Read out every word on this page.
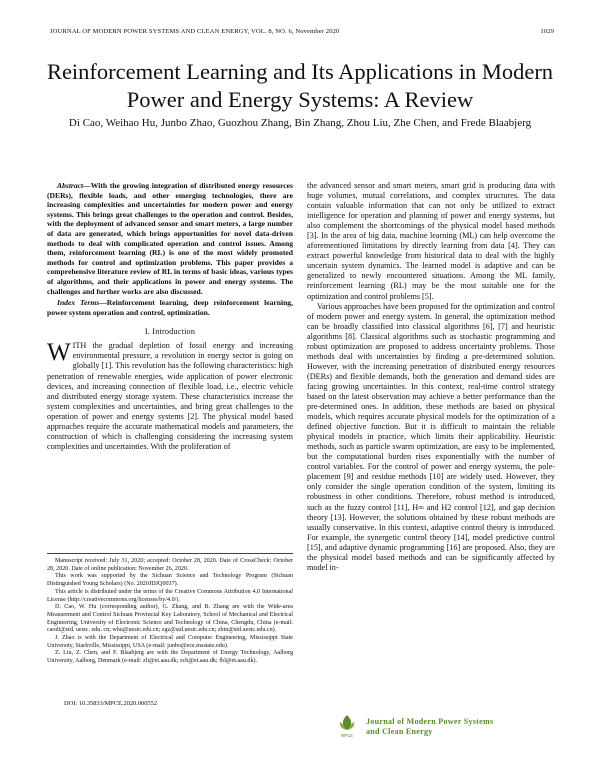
JOURNAL OF MODERN POWER SYSTEMS AND CLEAN ENERGY, VOL. 8, NO. 6, November 2020	1029
Reinforcement Learning and Its Applications in Modern Power and Energy Systems: A Review
Di Cao, Weihao Hu, Junbo Zhao, Guozhou Zhang, Bin Zhang, Zhou Liu, Zhe Chen, and Frede Blaabjerg

Abstract—With the growing integration of distributed energy resources (DERs), flexible loads, and other emerging technologies, there are increasing complexities and uncertainties for modern power and energy systems. This brings great challenges to the operation and control. Besides, with the deployment of advanced sensor and smart meters, a large number of data are generated, which brings opportunities for novel data-driven methods to deal with complicated operation and control issues. Among them, reinforcement learning (RL) is one of the most widely promoted methods for control and optimization problems. This paper provides a comprehensive literature review of RL in terms of basic ideas, various types of algorithms, and their applications in power and energy systems. The challenges and further works are also discussed.

Index Terms—Reinforcement learning, deep reinforcement learning, power system operation and control, optimization.

I. Introduction

WITH the gradual depletion of fossil energy and increasing environmental pressure, a revolution in energy sector is going on globally [1]. This revolution has the following characteristics: high penetration of renewable energies, wide application of power electronic devices, and increasing connection of flexible load, i.e., electric vehicle and distributed energy storage system. These characteristics increase the system complexities and uncertainties, and bring great challenges to the operation of power and energy systems [2]. The physical model based approaches require the accurate mathematical models and parameters, the construction of which is challenging considering the increasing system complexities and uncertainties. With the proliferation of

Manuscript received: July 31, 2020; accepted: October 28, 2020. Date of CrossCheck: October 28, 2020. Date of online publication: November 26, 2020.

This work was supported by the Sichuan Science and Technology Program (Sichuan Distinguished Young Scholars) (No. 2020JDJQ0037).

This article is distributed under the terms of the Creative Commons Attribution 4.0 International License (http://creativecommons.org/licenses/by/4.0/).

D. Cao, W. Hu (corresponding author), G. Zhang, and B. Zhang are with the Wide-area Measurement and Control Sichuan Provincial Key Laboratory, School of Mechanical and Electrical Engineering, University of Electronic Science and Technology of China, Chengdu, China (e-mail: caodi@std. uestc. edu. cn; whu@uestc.edu.cn; zgz@std.uestc.edu.cn; zbin@std.uestc.edu.cn).

J. Zhao is with the Department of Electrical and Computer Engineering, Mississippi State University, Starkville, Mississippi, USA (e-mail: junbo@ece.msstate.edu).

Z. Liu, Z. Chen, and F. Blaabjerg are with the Department of Energy Technology, Aalborg University, Aalborg, Denmark (e-mail: zli@et.aau.dk; zch@et.aau.dk; fbl@et.aau.dk).

DOI: 10.35833/MPCE.2020.000552

the advanced sensor and smart meters, smart grid is producing data with huge volumes, mutual correlations, and complex structures. The data contain valuable information that can not only be utilized to extract intelligence for operation and planning of power and energy systems, but also complement the shortcomings of the physical model based methods [3]. In the area of big data, machine learning (ML) can help overcome the aforementioned limitations by directly learning from data [4]. They can extract powerful knowledge from historical data to deal with the highly uncertain system dynamics. The learned model is adaptive and can be generalized to newly encountered situations. Among the ML family, reinforcement learning (RL) may be the most suitable one for the optimization and control problems [5].

Various approaches have been proposed for the optimization and control of modern power and energy system. In general, the optimization method can be broadly classified into classical algorithms [6], [7] and heuristic algorithms [8]. Classical algorithms such as stochastic programming and robust optimization are proposed to address uncertainty problems. Those methods deal with uncertainties by finding a pre-determined solution. However, with the increasing penetration of distributed energy resources (DERs) and flexible demands, both the generation and demand sides are facing growing uncertainties. In this context, real-time control strategy based on the latest observation may achieve a better performance than the pre-determined ones. In addition, these methods are based on physical models, which requires accurate physical models for the optimization of a defined objective function. But it is difficult to maintain the reliable physical models in practice, which limits their applicability. Heuristic methods, such as particle swarm optimization, are easy to be implemented, but the computational burden rises exponentially with the number of control variables. For the control of power and energy systems, the pole-placement [9] and residue methods [10] are widely used. However, they only consider the single operation condition of the system, limiting its robustness in other conditions. Therefore, robust method is introduced, such as the fuzzy control [11], H∞ and H2 control [12], and gap decision theory [13]. However, the solutions obtained by these robust methods are usually conservative. In this context, adaptive control theory is introduced. For example, the synergetic control theory [14], model predictive control [15], and adaptive dynamic programming [16] are proposed. Also, they are the physical model based methods and can be significantly affected by model in-

MPCE
Journal of Modern Power Systems
and Clean Energy
